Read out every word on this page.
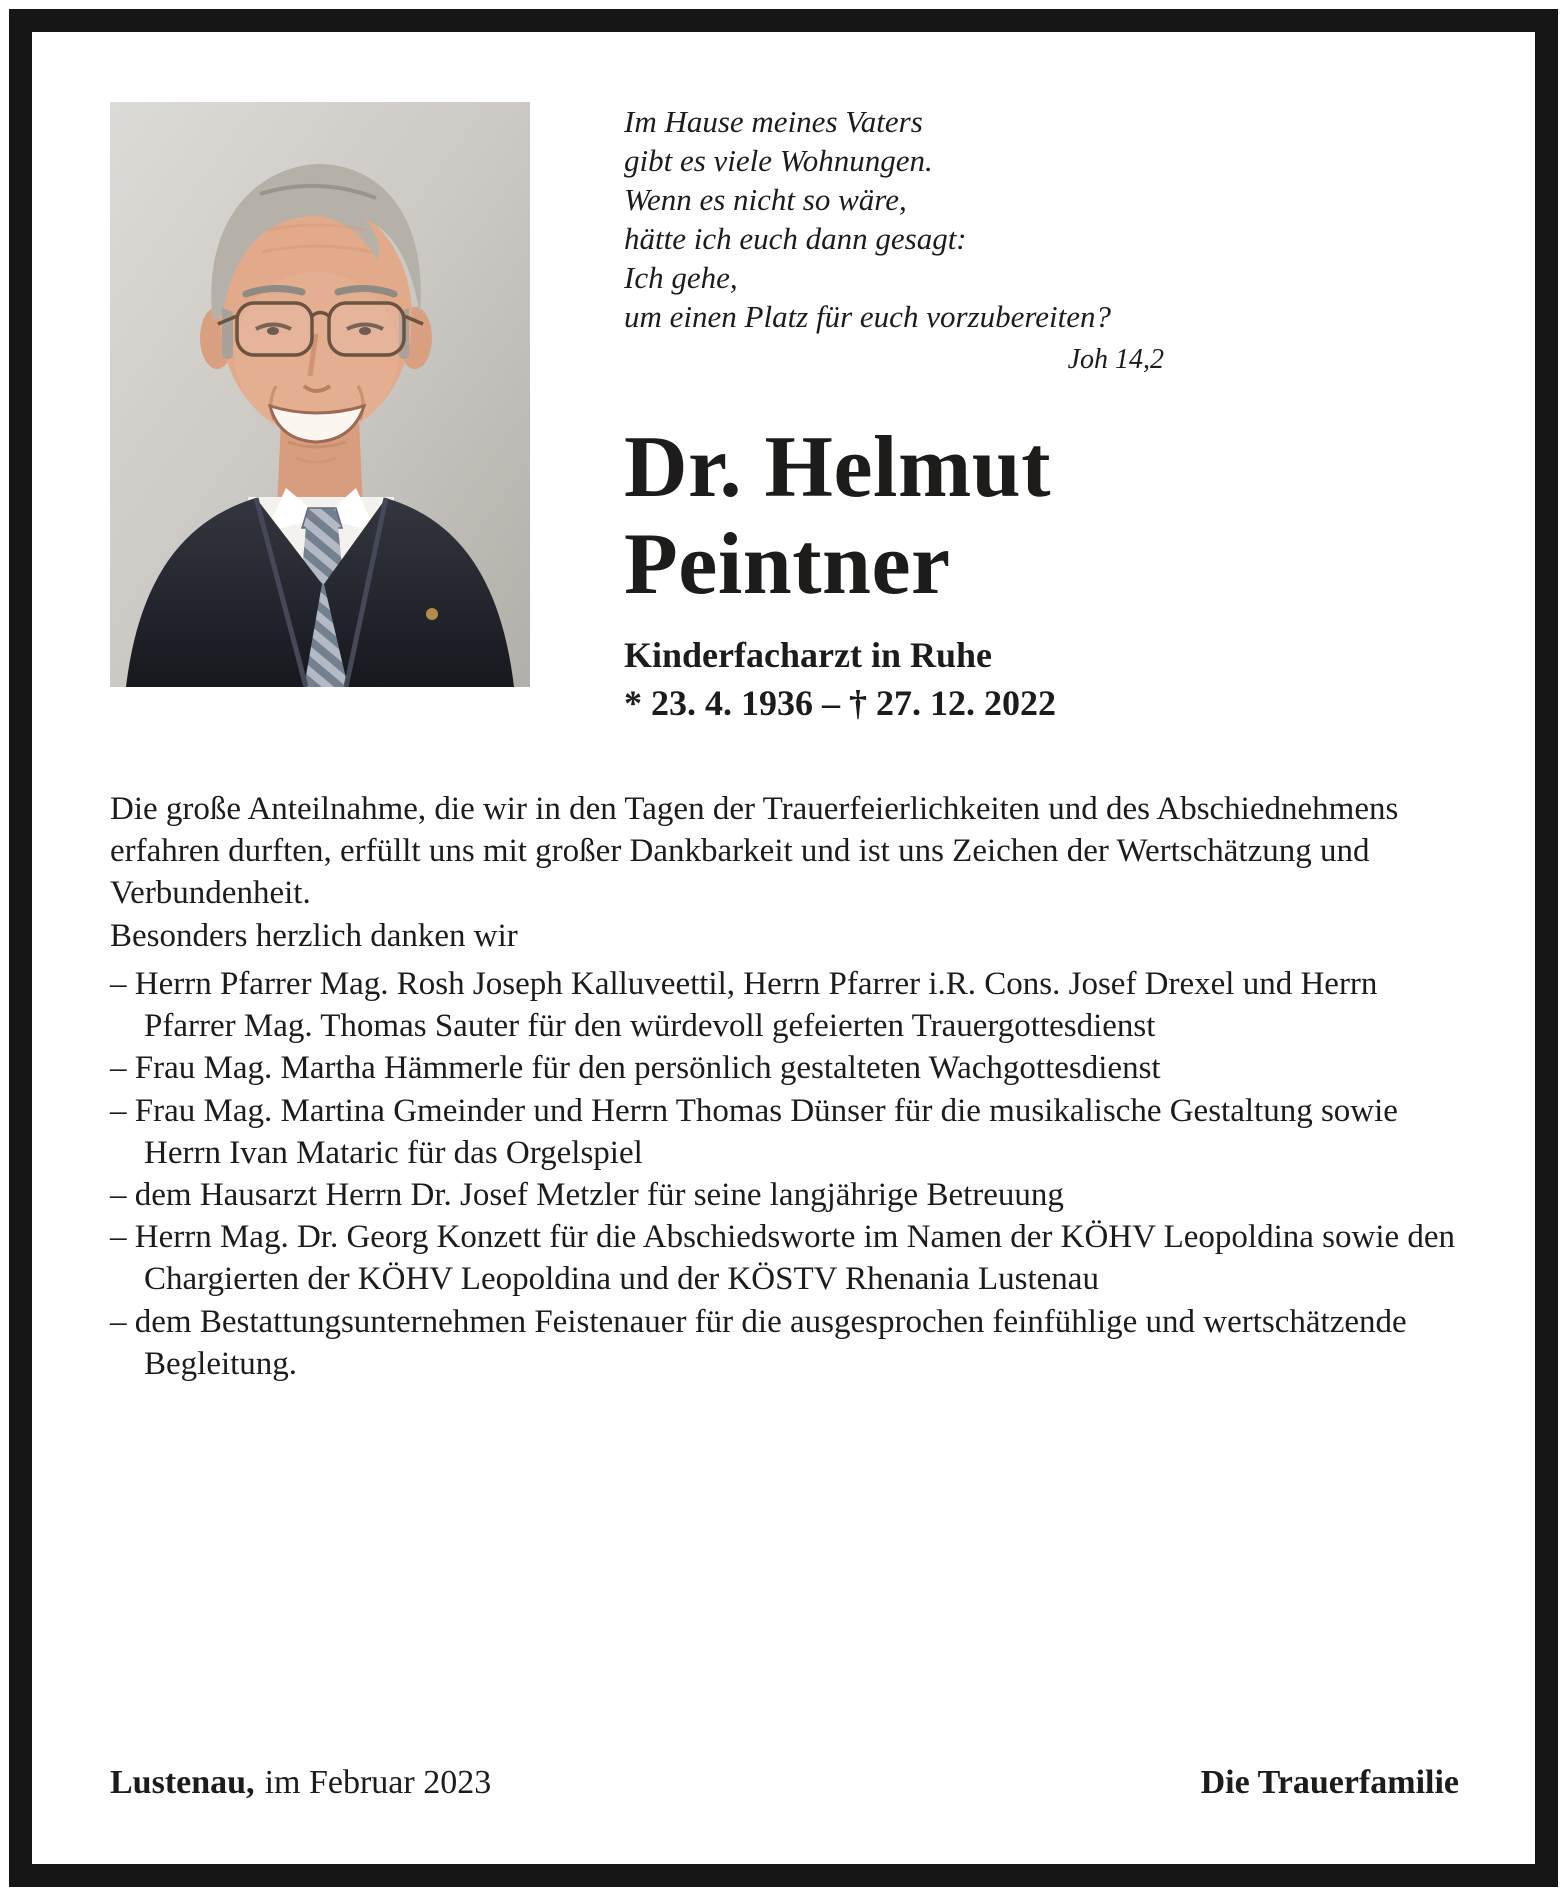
Im Hause meines Vaters
gibt es viele Wohnungen.
Wenn es nicht so wäre,
hätte ich euch dann gesagt:
Ich gehe,
um einen Platz für euch vorzubereiten?
Joh 14,2
Dr. Helmut
Peintner
Kinderfacharzt in Ruhe
* 23. 4. 1936 – † 27. 12. 2022

Die große Anteilnahme, die wir in den Tagen der Trauerfeierlichkeiten und des Abschiednehmens erfahren durften, erfüllt uns mit großer Dankbarkeit und ist uns Zeichen der Wertschätzung und Verbundenheit.

Besonders herzlich danken wir

– Herrn Pfarrer Mag. Rosh Joseph Kalluveettil, Herrn Pfarrer i.R. Cons. Josef Drexel und Herrn Pfarrer Mag. Thomas Sauter für den würdevoll gefeierten Trauergottesdienst
– Frau Mag. Martha Hämmerle für den persönlich gestalteten Wachgottesdienst
– Frau Mag. Martina Gmeinder und Herrn Thomas Dünser für die musikalische Gestaltung sowie Herrn Ivan Mataric für das Orgelspiel
– dem Hausarzt Herrn Dr. Josef Metzler für seine langjährige Betreuung
– Herrn Mag. Dr. Georg Konzett für die Abschiedsworte im Namen der KÖHV Leopoldina sowie den Chargierten der KÖHV Leopoldina und der KÖSTV Rhenania Lustenau
– dem Bestattungsunternehmen Feistenauer für die ausgesprochen feinfühlige und wertschätzende Begleitung.
Lustenau, im Februar 2023	Die Trauerfamilie
